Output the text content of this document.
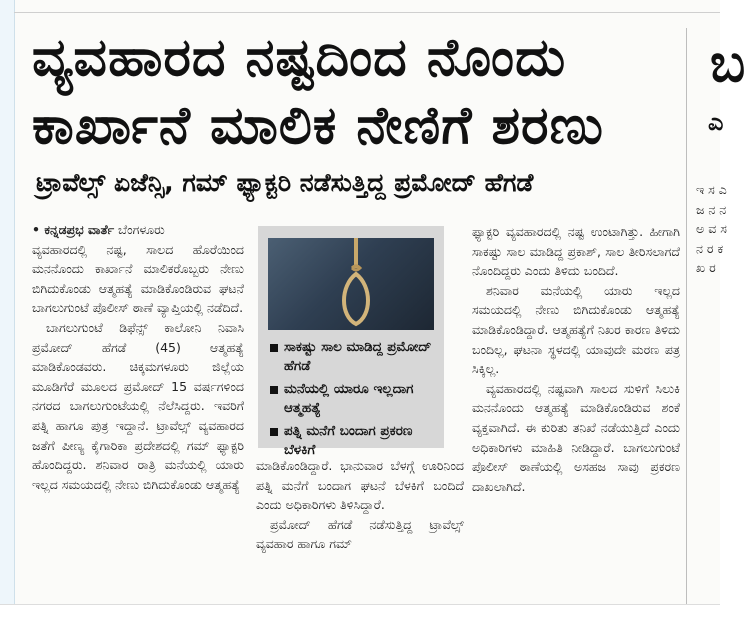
ವ್ಯವಹಾರದ ನಷ್ಟದಿಂದ ನೊಂದು
ಕಾರ್ಖಾನೆ ಮಾಲಿಕ ನೇಣಿಗೆ ಶರಣು
ಟ್ರಾವೆಲ್ಸ್ ಏಜೆನ್ಸಿ, ಗಮ್ ಫ್ಯಾಕ್ಟರಿ ನಡೆಸುತ್ತಿದ್ದ ಪ್ರಮೋದ್ ಹೆಗಡೆ

• ಕನ್ನಡಪ್ರಭ ವಾರ್ತೆ ಬೆಂಗಳೂರು

ವ್ಯವಹಾರದಲ್ಲಿ ನಷ್ಟ, ಸಾಲದ ಹೊರೆಯಿಂದ ಮನನೊಂದು ಕಾರ್ಖಾನೆ ಮಾಲಿಕರೊಬ್ಬರು ನೇಣು ಬಿಗಿದುಕೊಂಡು ಆತ್ಮಹತ್ಯೆ ಮಾಡಿಕೊಂಡಿರುವ ಘಟನೆ ಬಾಗಲುಗುಂಟೆ ಪೊಲೀಸ್ ಠಾಣೆ ವ್ಯಾಪ್ತಿಯಲ್ಲಿ ನಡೆದಿದೆ.

ಬಾಗಲುಗುಂಟೆ ಡಿಫೆನ್ಸ್ ಕಾಲೋನಿ ನಿವಾಸಿ ಪ್ರಮೋದ್ ಹೆಗಡೆ (45) ಆತ್ಮಹತ್ಯೆ ಮಾಡಿಕೊಂಡವರು. ಚಿಕ್ಕಮಗಳೂರು ಜಿಲ್ಲೆಯ ಮೂಡಿಗೆರೆ ಮೂಲದ ಪ್ರಮೋದ್ 15 ವರ್ಷಗಳಿಂದ ನಗರದ ಬಾಗಲುಗುಂಟೆಯಲ್ಲಿ ನೆಲೆಸಿದ್ದರು. ಇವರಿಗೆ ಪತ್ನಿ ಹಾಗೂ ಪುತ್ರ ಇದ್ದಾನೆ. ಟ್ರಾವೆಲ್ಸ್ ವ್ಯವಹಾರದ ಜತೆಗೆ ಪೀಣ್ಯ ಕೈಗಾರಿಕಾ ಪ್ರದೇಶದಲ್ಲಿ ಗಮ್ ಫ್ಯಾಕ್ಟರಿ ಹೊಂದಿದ್ದರು. ಶನಿವಾರ ರಾತ್ರಿ ಮನೆಯಲ್ಲಿ ಯಾರು ಇಲ್ಲದ ಸಮಯದಲ್ಲಿ ನೇಣು ಬಿಗಿದುಕೊಂಡು ಆತ್ಮಹತ್ಯೆ

ಸಾಕಷ್ಟು ಸಾಲ ಮಾಡಿದ್ದ ಪ್ರಮೋದ್ ಹೆಗಡೆ
ಮನೆಯಲ್ಲಿ ಯಾರೂ ಇಲ್ಲದಾಗ ಆತ್ಮಹತ್ಯೆ
ಪತ್ನಿ ಮನೆಗೆ ಬಂದಾಗ ಪ್ರಕರಣ ಬೆಳಕಿಗೆ

ಮಾಡಿಕೊಂಡಿದ್ದಾರೆ. ಭಾನುವಾರ ಬೆಳಗ್ಗೆ ಊರಿನಿಂದ ಪತ್ನಿ ಮನೆಗೆ ಬಂದಾಗ ಘಟನೆ ಬೆಳಕಿಗೆ ಬಂದಿದೆ ಎಂದು ಅಧಿಕಾರಿಗಳು ತಿಳಿಸಿದ್ದಾರೆ.

ಪ್ರಮೋದ್ ಹೆಗಡೆ ನಡೆಸುತ್ತಿದ್ದ ಟ್ರಾವೆಲ್ಸ್ ವ್ಯವಹಾರ ಹಾಗೂ ಗಮ್

ಫ್ಯಾಕ್ಟರಿ ವ್ಯವಹಾರದಲ್ಲಿ ನಷ್ಟ ಉಂಟಾಗಿತ್ತು. ಹೀಗಾಗಿ ಸಾಕಷ್ಟು ಸಾಲ ಮಾಡಿದ್ದ ಪ್ರಕಾಶ್, ಸಾಲ ತೀರಿಸಲಾಗದೆ ನೊಂದಿದ್ದರು ಎಂದು ತಿಳಿದು ಬಂದಿದೆ.

ಶನಿವಾರ ಮನೆಯಲ್ಲಿ ಯಾರು ಇಲ್ಲದ ಸಮಯದಲ್ಲಿ ನೇಣು ಬಿಗಿದುಕೊಂಡು ಆತ್ಮಹತ್ಯೆ ಮಾಡಿಕೊಂಡಿದ್ದಾರೆ. ಆತ್ಮಹತ್ಯೆಗೆ ನಿಖರ ಕಾರಣ ತಿಳಿದು ಬಂದಿಲ್ಲ, ಘಟನಾ ಸ್ಥಳದಲ್ಲಿ ಯಾವುದೇ ಮರಣ ಪತ್ರ ಸಿಕ್ಕಿಲ್ಲ.

ವ್ಯವಹಾರದಲ್ಲಿ ನಷ್ಟವಾಗಿ ಸಾಲದ ಸುಳಿಗೆ ಸಿಲುಕಿ ಮನನೊಂದು ಆತ್ಮಹತ್ಯೆ ಮಾಡಿಕೊಂಡಿರುವ ಶಂಕೆ ವ್ಯಕ್ತವಾಗಿದೆ. ಈ ಕುರಿತು ತನಿಖೆ ನಡೆಯುತ್ತಿದೆ ಎಂದು ಅಧಿಕಾರಿಗಳು ಮಾಹಿತಿ ನೀಡಿದ್ದಾರೆ. ಬಾಗಲುಗುಂಟೆ ಪೊಲೀಸ್ ಠಾಣೆಯಲ್ಲಿ ಅಸಹಜ ಸಾವು ಪ್ರಕರಣ ದಾಖಲಾಗಿದೆ.

ಬ
ಎ
ಇ ಸ ಎ ಜ ನ ನ ಅ ವ ಸ ನ ರ ಕ ಖ ರ
